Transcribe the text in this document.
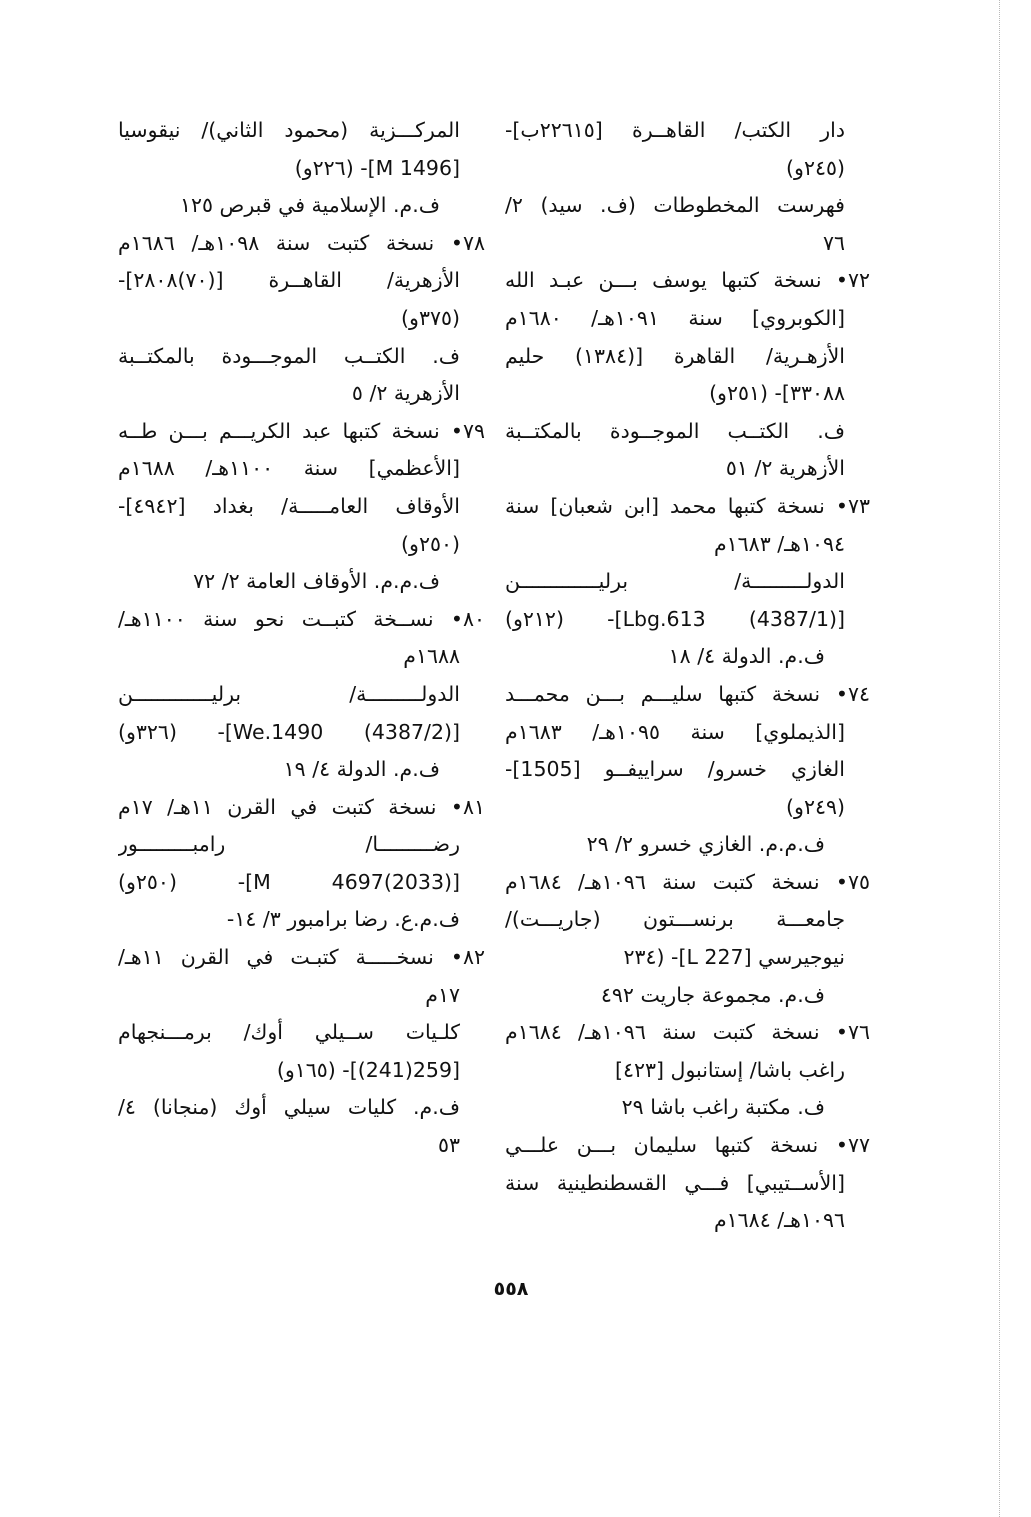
دار الكتب/ القاهــرة [٢٢٦١٥ب]-
(٢٤٥و)
فهرست المخطوطات (ف. سيد) ٢/
٧٦
٧٢• نسخة كتبها يوسف بـــن عبـد الله
[الكوبروي] سنة ١٠٩١هـ/ ١٦٨٠م
الأزهـرية/ القاهرة [(١٣٨٤) حليم
٣٣٠٨٨]- (٢٥١و)
ف. الكتــب الموجــودة بالمكتــبة
الأزهرية ٢/ ٥١
٧٣• نسخة كتبها محمد [ابن شعبان] سنة
١٠٩٤هـ/ ١٦٨٣م
الدولـــــــــة/ برليـــــــــــــن
[(4387/1) Lbg.613]- (٢١٢و)
ف.م. الدولة ٤/ ١٨
٧٤• نسخة كتبها سليـــم بـــن محمـــد
[الذيملوي] سنة ١٠٩٥هـ/ ١٦٨٣م
الغازي خسرو/ سراييفــو [1505]-
(٢٤٩و)
ف.م.م. الغازي خسرو ٢/ ٢٩
٧٥• نسخة كتبت سنة ١٠٩٦هـ/ ١٦٨٤م
جامعـــة برنســـتون (جاريـــت)/
نيوجيرسي [227 L]- (٢٣٤
ف.م. مجموعة جاريت ٤٩٢
٧٦• نسخة كتبت سنة ١٠٩٦هـ/ ١٦٨٤م
راغب باشا/ إستانبول [٤٢٣]
ف. مكتبة راغب باشا ٢٩
٧٧• نسخة كتبها سليمان بـــن علـــي
[الأســتيبي] فـــي القسطنطينية سنة
١٠٩٦هـ/ ١٦٨٤م
المركـــزية (محمود الثاني)/ نيقوسيا
[M 1496]- (٢٢٦و)
ف.م. الإسلامية في قبرص ١٢٥
٧٨• نسخة كتبت سنة ١٠٩٨هـ/ ١٦٨٦م
الأزهرية/ القاهــرة [(٧٠)٢٨٠٨]-
(٣٧٥و)
ف. الكتــب الموجـــودة بالمكتــبة
الأزهرية ٢/ ٥
٧٩• نسخة كتبها عبد الكريـــم بـــن طــه
[الأعظمي] سنة ١١٠٠هـ/ ١٦٨٨م
الأوقاف العامـــــة/ بغداد [٤٩٤٢]-
(٢٥٠و)
ف.م.م. الأوقاف العامة ٢/ ٧٢
٨٠• نســخة كتبــت نحو سنة ١١٠٠هـ/
١٦٨٨م
الدولـــــــــة/ برليـــــــــــــن
[(4387/2) We.1490]- (٣٢٦و)
ف.م. الدولة ٤/ ١٩
٨١• نسخة كتبت في القرن ١١هـ/ ١٧م
رضـــــــــا/ رامبـــــــــور
[(2033)4697 M]- (٢٥٠و)
ف.م.ع. رضا برامبور ٣/ ١٤-
٨٢• نسخـــــة كتبـت في القرن ١١هـ/
١٧م
كلـيات ســيلي أوك/ برمـــنجهام
[259(241)]- (١٦٥و)
ف.م. كليات سيلي أوك (منجانا) ٤/
٥٣
٥٥٨
